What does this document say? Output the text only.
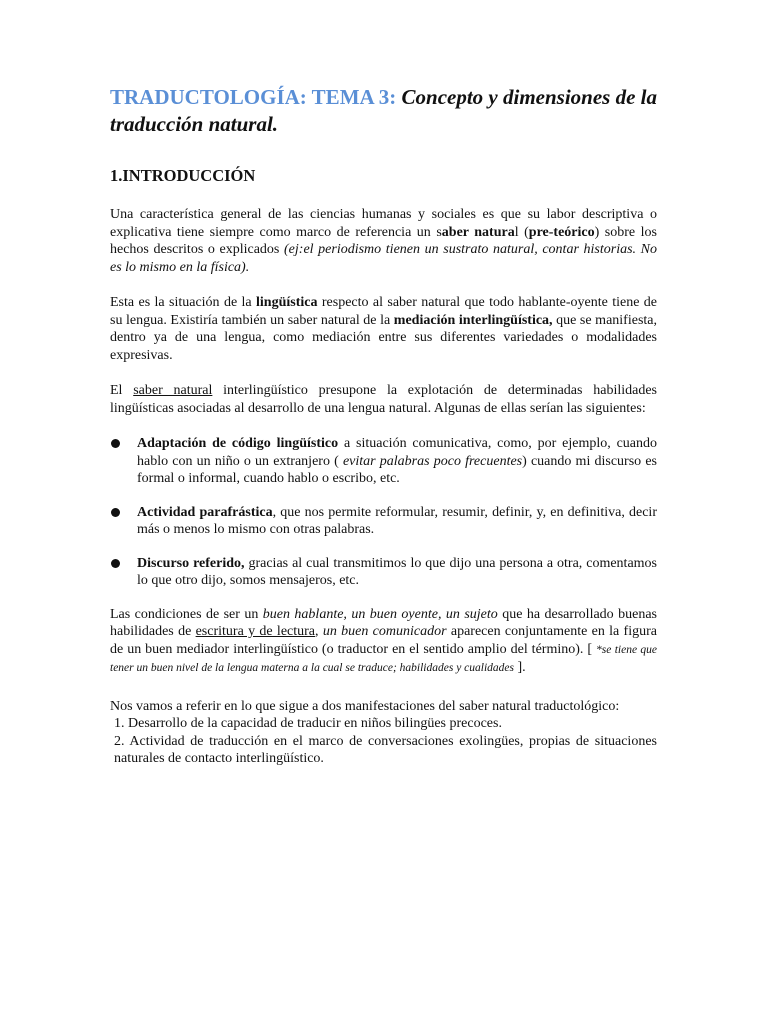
TRADUCTOLOGÍA: TEMA 3: Concepto y dimensiones de la traducción natural.
1.INTRODUCCIÓN

Una característica general de las ciencias humanas y sociales es que su labor descriptiva o explicativa tiene siempre como marco de referencia un saber natural (pre-teórico) sobre los hechos descritos o explicados (ej:el periodismo tienen un sustrato natural, contar historias. No es lo mismo en la física).

Esta es la situación de la lingüística respecto al saber natural que todo hablante-oyente tiene de su lengua. Existiría también un saber natural de la mediación interlingüística, que se manifiesta, dentro ya de una lengua, como mediación entre sus diferentes variedades o modalidades expresivas.

El saber natural interlingüístico presupone la explotación de determinadas habilidades lingüísticas asociadas al desarrollo de una lengua natural. Algunas de ellas serían las siguientes:

Adaptación de código lingüístico a situación comunicativa, como, por ejemplo, cuando hablo con un niño o un extranjero ( evitar palabras poco frecuentes) cuando mi discurso es formal o informal, cuando hablo o escribo, etc.

Actividad parafrástica, que nos permite reformular, resumir, definir, y, en definitiva, decir más o menos lo mismo con otras palabras.

Discurso referido, gracias al cual transmitimos lo que dijo una persona a otra, comentamos lo que otro dijo, somos mensajeros, etc.

Las condiciones de ser un buen hablante, un buen oyente, un sujeto que ha desarrollado buenas habilidades de escritura y de lectura, un buen comunicador aparecen conjuntamente en la figura de un buen mediador interlingüístico (o traductor en el sentido amplio del término). [ *se tiene que tener un buen nivel de la lengua materna a la cual se traduce; habilidades y cualidades ].

Nos vamos a referir en lo que sigue a dos manifestaciones del saber natural traductológico:

1. Desarrollo de la capacidad de traducir en niños bilingües precoces.
2. Actividad de traducción en el marco de conversaciones exolingües, propias de situaciones naturales de contacto interlingüístico.
